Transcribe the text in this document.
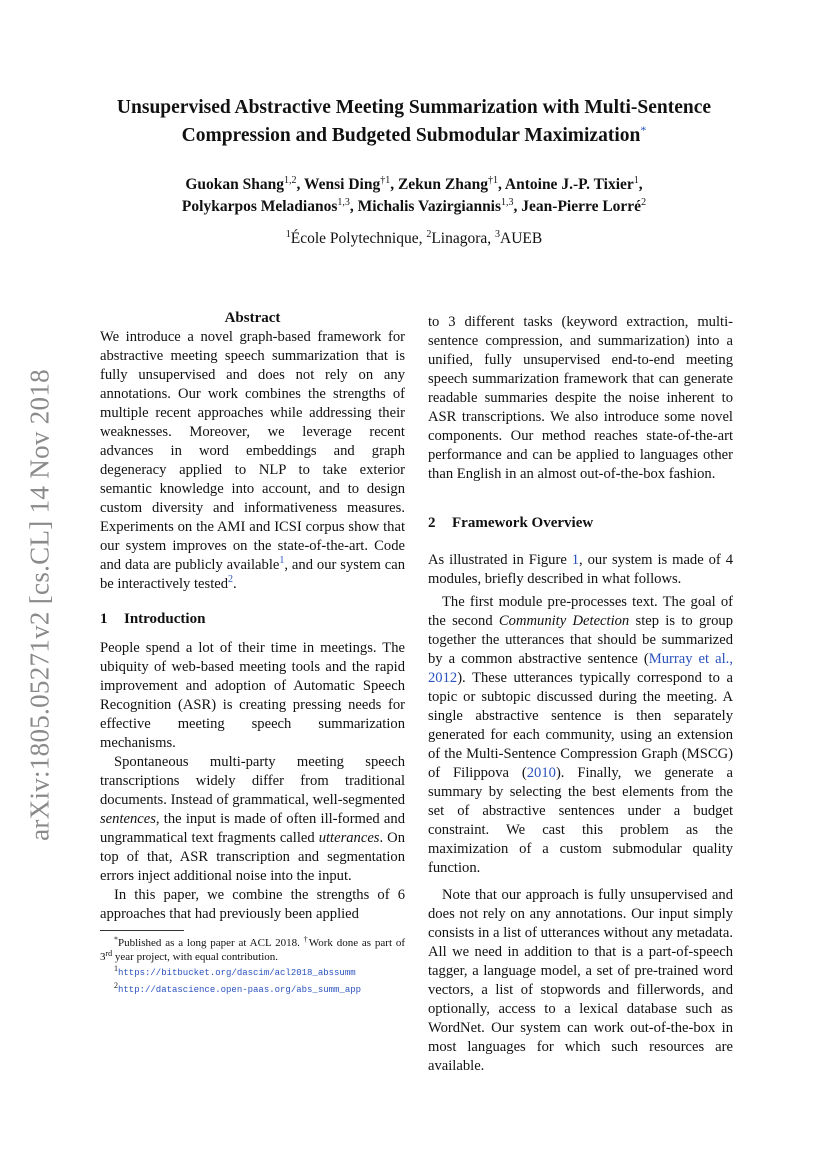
arXiv:1805.05271v2 [cs.CL] 14 Nov 2018
Unsupervised Abstractive Meeting Summarization with Multi-Sentence
Compression and Budgeted Submodular Maximization*
Guokan Shang$^{1,2}$, Wensi Ding$^{\dagger 1}$, Zekun Zhang$^{\dagger 1}$, Antoine J.-P. Tixier$^1$,
Polykarpos Meladianos$^{1,3}$, Michalis Vazirgiannis$^{1,3}$, Jean-Pierre Lorré$^2$
$^1$École Polytechnique, $^2$Linagora, $^3$AUEB

Abstract

We introduce a novel graph-based framework for abstractive meeting speech summarization that is fully unsupervised and does not rely on any annotations. Our work combines the strengths of multiple recent approaches while addressing their weaknesses. Moreover, we leverage recent advances in word embeddings and graph degeneracy applied to NLP to take exterior semantic knowledge into account, and to design custom diversity and informativeness measures. Experiments on the AMI and ICSI corpus show that our system improves on the state-of-the-art. Code and data are publicly available$^1$, and our system can be interactively tested$^2$.

1 Introduction

People spend a lot of their time in meetings. The ubiquity of web-based meeting tools and the rapid improvement and adoption of Automatic Speech Recognition (ASR) is creating pressing needs for effective meeting speech summarization mechanisms.

Spontaneous multi-party meeting speech transcriptions widely differ from traditional documents. Instead of grammatical, well-segmented sentences, the input is made of often ill-formed and ungrammatical text fragments called utterances. On top of that, ASR transcription and segmentation errors inject additional noise into the input.

In this paper, we combine the strengths of 6 approaches that had previously been applied

*Published as a long paper at ACL 2018. †Work done as part of 3rd year project, with equal contribution.

$^1$https://bitbucket.org/dascim/acl2018_abssumm

$^2$http://datascience.open-paas.org/abs_summ_app

to 3 different tasks (keyword extraction, multi-sentence compression, and summarization) into a unified, fully unsupervised end-to-end meeting speech summarization framework that can generate readable summaries despite the noise inherent to ASR transcriptions. We also introduce some novel components. Our method reaches state-of-the-art performance and can be applied to languages other than English in an almost out-of-the-box fashion.

2 Framework Overview

As illustrated in Figure 1, our system is made of 4 modules, briefly described in what follows.

The first module pre-processes text. The goal of the second Community Detection step is to group together the utterances that should be summarized by a common abstractive sentence (Murray et al., 2012). These utterances typically correspond to a topic or subtopic discussed during the meeting. A single abstractive sentence is then separately generated for each community, using an extension of the Multi-Sentence Compression Graph (MSCG) of Filippova (2010). Finally, we generate a summary by selecting the best elements from the set of abstractive sentences under a budget constraint. We cast this problem as the maximization of a custom submodular quality function.

Note that our approach is fully unsupervised and does not rely on any annotations. Our input simply consists in a list of utterances without any metadata. All we need in addition to that is a part-of-speech tagger, a language model, a set of pre-trained word vectors, a list of stopwords and fillerwords, and optionally, access to a lexical database such as WordNet. Our system can work out-of-the-box in most languages for which such resources are available.
